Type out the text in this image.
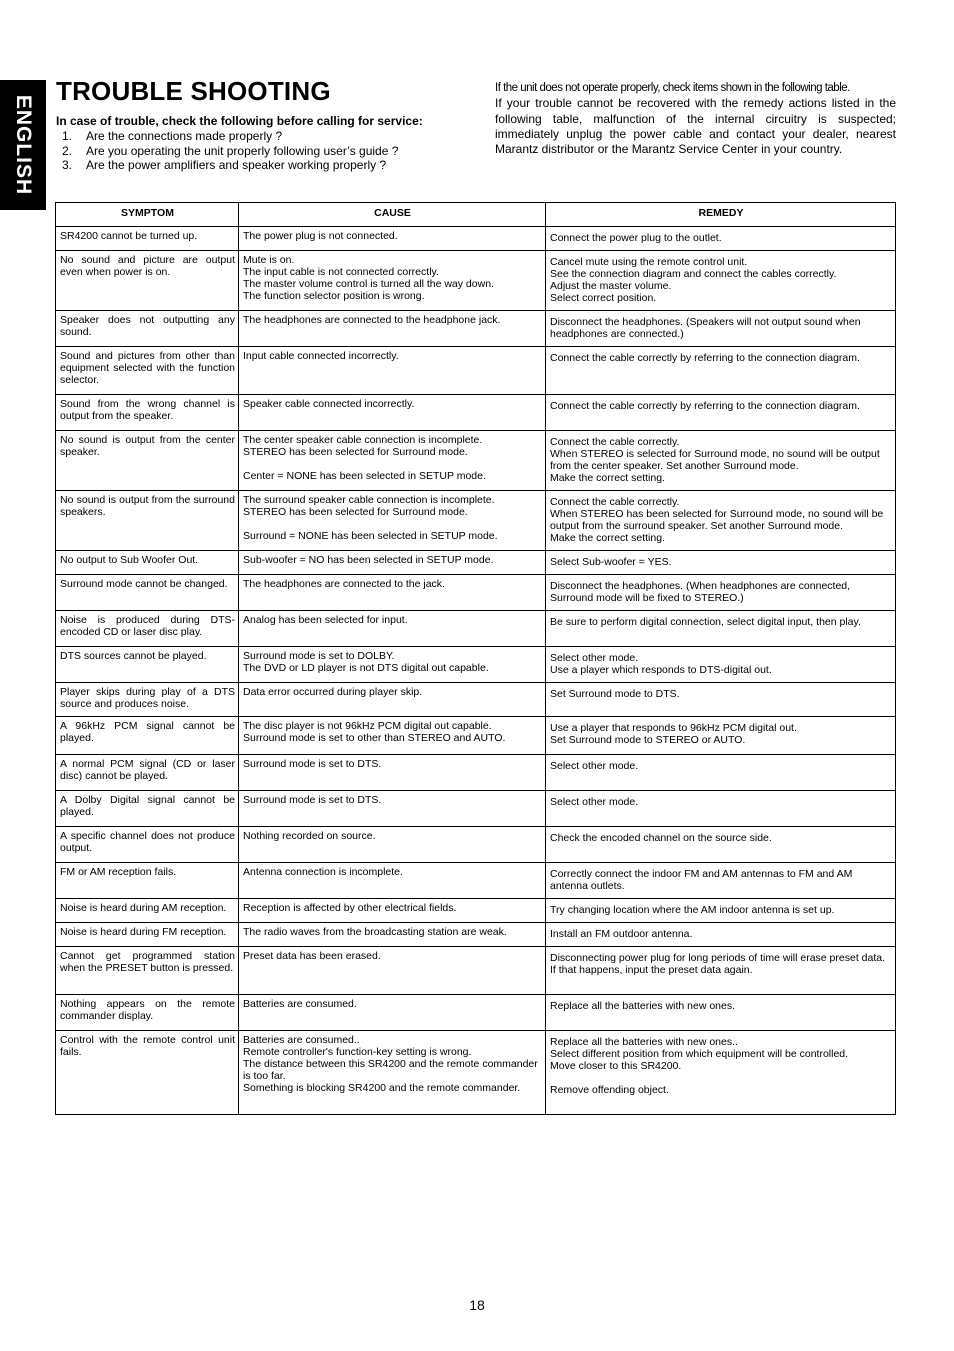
ENGLISH
TROUBLE SHOOTING
In case of trouble, check the following before calling for service:
1. Are the connections made properly ?
2. Are you operating the unit properly following user’s guide ?
3. Are the power amplifiers and speaker working properly ?

If the unit does not operate properly, check items shown in the following table.

If your trouble cannot be recovered with the remedy actions listed in the following table, malfunction of the internal circuitry is suspected; immediately unplug the power cable and contact your dealer, nearest Marantz distributor or the Marantz Service Center in your country.

SYMPTOM	CAUSE	REMEDY

SR4200 cannot be turned up.	The power plug is not connected.	Connect the power plug to the outlet.

No sound and picture are output even when power is on.	Mute is on.
The input cable is not connected correctly.
The master volume control is turned all the way down.
The function selector position is wrong.	Cancel mute using the remote control unit.
See the connection diagram and connect the cables correctly.
Adjust the master volume.
Select correct position.

Speaker does not outputting any sound.	The headphones are connected to the headphone jack.	Disconnect the headphones. (Speakers will not output sound when headphones are connected.)

Sound and pictures from other than equipment selected with the function selector.	Input cable connected incorrectly.	Connect the cable correctly by referring to the connection diagram.

Sound from the wrong channel is output from the speaker.	Speaker cable connected incorrectly.	Connect the cable correctly by referring to the connection diagram.

No sound is output from the center speaker.	The center speaker cable connection is incomplete.
STEREO has been selected for Surround mode.
Center = NONE has been selected in SETUP mode.	Connect the cable correctly.
When STEREO is selected for Surround mode, no sound will be output from the center speaker. Set another Surround mode.
Make the correct setting.

No sound is output from the surround speakers.	The surround speaker cable connection is incomplete.
STEREO has been selected for Surround mode.
Surround = NONE has been selected in SETUP mode.	Connect the cable correctly.
When STEREO has been selected for Surround mode, no sound will be output from the surround speaker. Set another Surround mode.
Make the correct setting.

No output to Sub Woofer Out.	Sub-woofer = NO has been selected in SETUP mode.	Select Sub-woofer = YES.

Surround mode cannot be changed.	The headphones are connected to the jack.	Disconnect the headphones. (When headphones are connected, Surround mode will be fixed to STEREO.)

Noise is produced during DTS-encoded CD or laser disc play.	Analog has been selected for input.	Be sure to perform digital connection, select digital input, then play.

DTS sources cannot be played.	Surround mode is set to DOLBY.
The DVD or LD player is not DTS digital out capable.	Select other mode.
Use a player which responds to DTS-digital out.

Player skips during play of a DTS source and produces noise.	Data error occurred during player skip.	Set Surround mode to DTS.

A 96kHz PCM signal cannot be played.	The disc player is not 96kHz PCM digital out capable.
Surround mode is set to other than STEREO and AUTO.	Use a player that responds to 96kHz PCM digital out.
Set Surround mode to STEREO or AUTO.

A normal PCM signal (CD or laser disc) cannot be played.	Surround mode is set to DTS.	Select other mode.

A Dolby Digital signal cannot be played.	Surround mode is set to DTS.	Select other mode.

A specific channel does not produce output.	Nothing recorded on source.	Check the encoded channel on the source side.

FM or AM reception fails.	Antenna connection is incomplete.	Correctly connect the indoor FM and AM antennas to FM and AM antenna outlets.

Noise is heard during AM reception.	Reception is affected by other electrical fields.	Try changing location where the AM indoor antenna is set up.

Noise is heard during FM reception.	The radio waves from the broadcasting station are weak.	Install an FM outdoor antenna.

Cannot get programmed station when the PRESET button is pressed.	Preset data has been erased.	Disconnecting power plug for long periods of time will erase preset data. If that happens, input the preset data again.

Nothing appears on the remote commander display.	Batteries are consumed.	Replace all the batteries with new ones.

Control with the remote control unit fails.	Batteries are consumed..
Remote controller's function-key setting is wrong.
The distance between this SR4200 and the remote commander is too far.
Something is blocking SR4200 and the remote commander.	Replace all the batteries with new ones..
Select different position from which equipment will be controlled.
Move closer to this SR4200.
Remove offending object.
18
